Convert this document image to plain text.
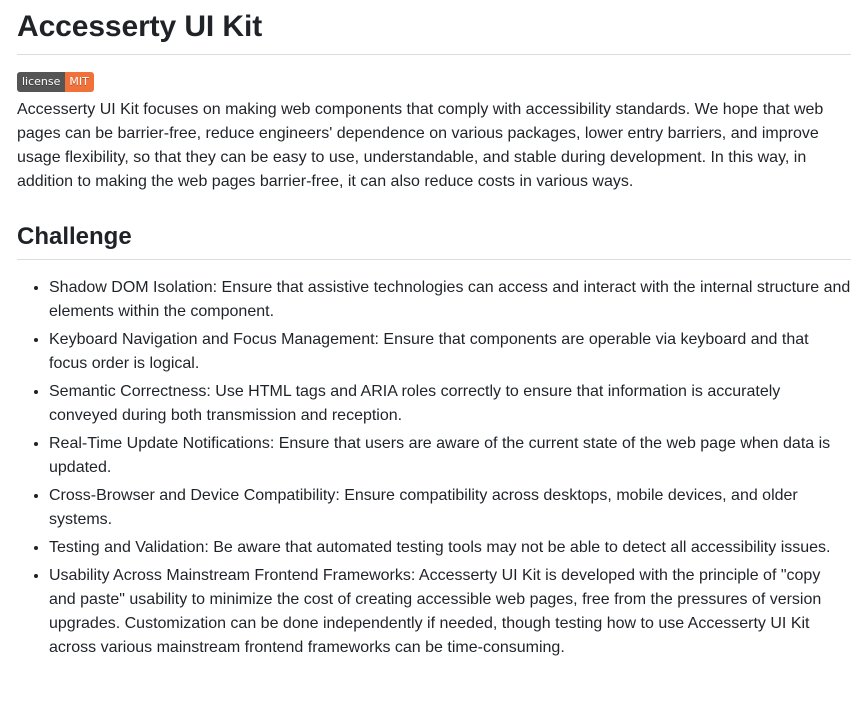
Accesserty UI Kit
license MIT

Accesserty UI Kit focuses on making web components that comply with accessibility standards. We hope that web pages can be barrier-free, reduce engineers' dependence on various packages, lower entry barriers, and improve usage flexibility, so that they can be easy to use, understandable, and stable during development. In this way, in addition to making the web pages barrier-free, it can also reduce costs in various ways.

Challenge
• Shadow DOM Isolation: Ensure that assistive technologies can access and interact with the internal structure and elements within the component.
• Keyboard Navigation and Focus Management: Ensure that components are operable via keyboard and that focus order is logical.
• Semantic Correctness: Use HTML tags and ARIA roles correctly to ensure that information is accurately conveyed during both transmission and reception.
• Real-Time Update Notifications: Ensure that users are aware of the current state of the web page when data is updated.
• Cross-Browser and Device Compatibility: Ensure compatibility across desktops, mobile devices, and older systems.
• Testing and Validation: Be aware that automated testing tools may not be able to detect all accessibility issues.
• Usability Across Mainstream Frontend Frameworks: Accesserty UI Kit is developed with the principle of "copy and paste" usability to minimize the cost of creating accessible web pages, free from the pressures of version upgrades. Customization can be done independently if needed, though testing how to use Accesserty UI Kit across various mainstream frontend frameworks can be time-consuming.
